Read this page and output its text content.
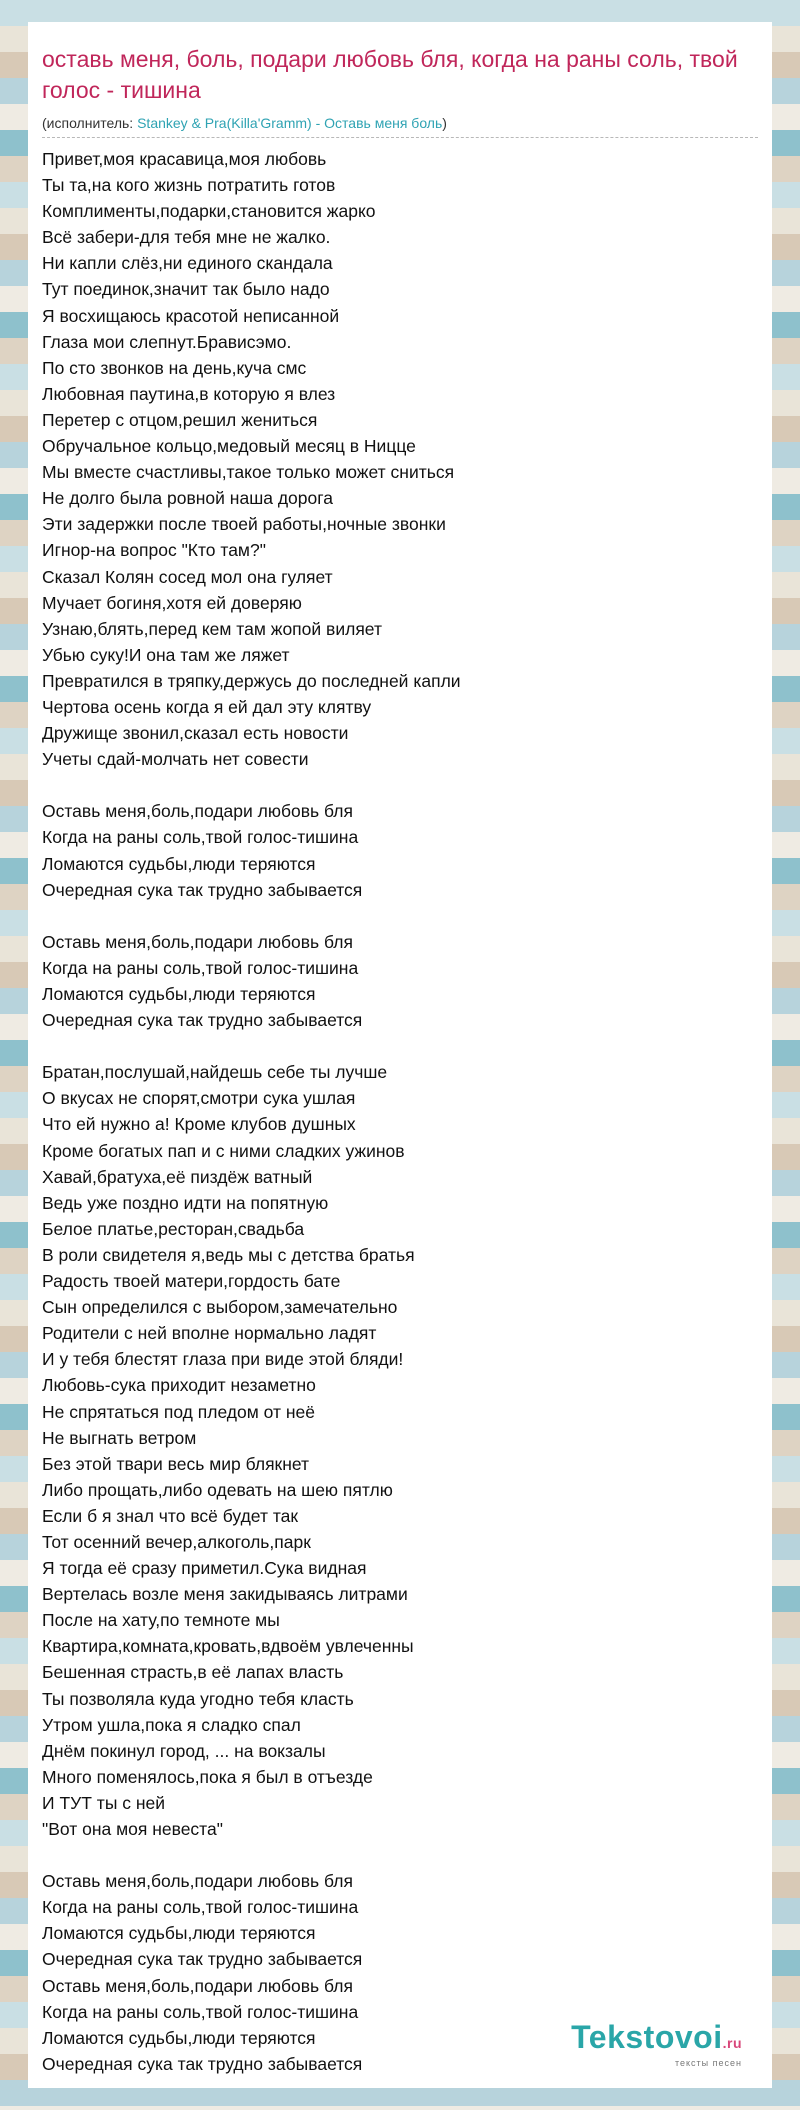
оставь меня, боль, подари любовь бля, когда на раны соль, твой голос - тишина
(исполнитель: Stankey & Pra(Killa'Gramm) - Оставь меня боль)
Привет,моя красавица,моя любовь
Ты та,на кого жизнь потратить готов
Комплименты,подарки,становится жарко
Всё забери-для тебя мне не жалко.
Ни капли слёз,ни единого скандала
Тут поединок,значит так было надо
Я восхищаюсь красотой неписанной
Глаза мои слепнут.Брависэмо.
По сто звонков на день,куча смс
Любовная паутина,в которую я влез
Перетер с отцом,решил жениться
Обручальное кольцо,медовый месяц в Ницце
Мы вместе счастливы,такое только может сниться
Не долго была ровной наша дорога
Эти задержки после твоей работы,ночные звонки
Игнор-на вопрос "Кто там?"
Сказал Колян сосед мол она гуляет
Мучает богиня,хотя ей доверяю
Узнаю,блять,перед кем там жопой виляет
Убью суку!И она там же ляжет
Превратился в тряпку,держусь до последней капли
Чертова осень когда я ей дал эту клятву
Дружище звонил,сказал есть новости
Учеты сдай-молчать нет совести
Оставь меня,боль,подари любовь бля
Когда на раны соль,твой голос-тишина
Ломаются судьбы,люди теряются
Очередная сука так трудно забывается
Оставь меня,боль,подари любовь бля
Когда на раны соль,твой голос-тишина
Ломаются судьбы,люди теряются
Очередная сука так трудно забывается
Братан,послушай,найдешь себе ты лучше
О вкусах не спорят,смотри сука ушлая
Что ей нужно а! Кроме клубов душных
Кроме богатых пап и с ними сладких ужинов
Хавай,братуха,её пиздёж ватный
Ведь уже поздно идти на попятную
Белое платье,ресторан,свадьба
В роли свидетеля я,ведь мы с детства братья
Радость твоей матери,гордость бате
Сын определился с выбором,замечательно
Родители с ней вполне нормально ладят
И у тебя блестят глаза при виде этой бляди!
Любовь-сука приходит незаметно
Не спрятаться под пледом от неё
Не выгнать ветром
Без этой твари весь мир блякнет
Либо прощать,либо одевать на шею пятлю
Если б я знал что всё будет так
Тот осенний вечер,алкоголь,парк
Я тогда её сразу приметил.Сука видная
Вертелась возле меня закидываясь литрами
После на хату,по темноте мы
Квартира,комната,кровать,вдвоём увлеченны
Бешенная страсть,в её лапах власть
Ты позволяла куда угодно тебя класть
Утром ушла,пока я сладко спал
Днём покинул город, ... на вокзалы
Много поменялось,пока я был в отъезде
И ТУТ ты с ней
"Вот она моя невеста"
Оставь меня,боль,подари любовь бля
Когда на раны соль,твой голос-тишина
Ломаются судьбы,люди теряются
Очередная сука так трудно забывается
Оставь меня,боль,подари любовь бля
Когда на раны соль,твой голос-тишина
Ломаются судьбы,люди теряются
Очередная сука так трудно забывается
Tekstovoi.ru
тексты песен
